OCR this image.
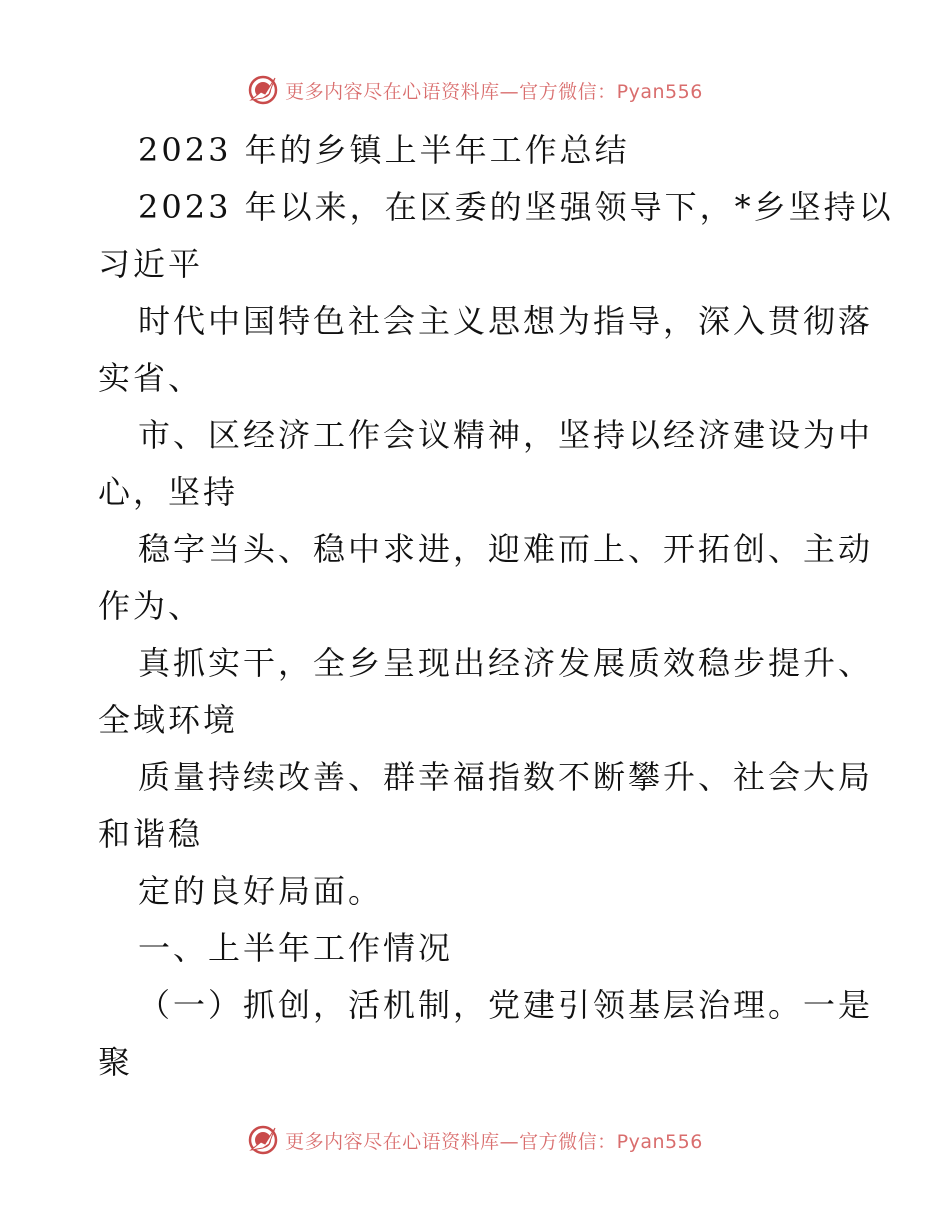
更多内容尽在心语资料库—官方微信：Pyan556
2023 年的乡镇上半年工作总结
2023 年以来，在区委的坚强领导下，*乡坚持以
习近平
时代中国特色社会主义思想为指导，深入贯彻落
实省、
市、区经济工作会议精神，坚持以经济建设为中
心，坚持
稳字当头、稳中求进，迎难而上、开拓创、主动
作为、
真抓实干，全乡呈现出经济发展质效稳步提升、
全域环境
质量持续改善、群幸福指数不断攀升、社会大局
和谐稳
定的良好局面。
一、上半年工作情况
（一）抓创，活机制，党建引领基层治理。一是
聚
更多内容尽在心语资料库—官方微信：Pyan556
